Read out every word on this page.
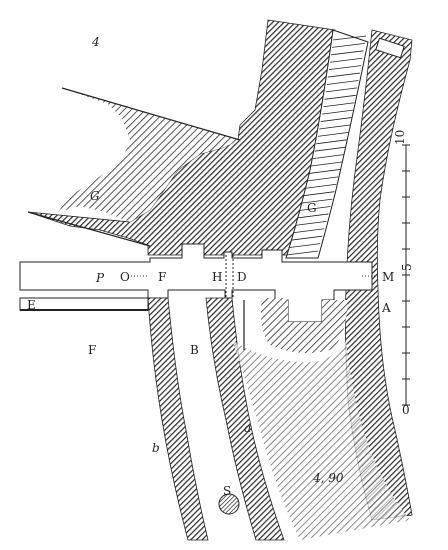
4
G
P O
E
F
F	H D	M
A
B
b
a
S
G
10
5
0
4, 90
